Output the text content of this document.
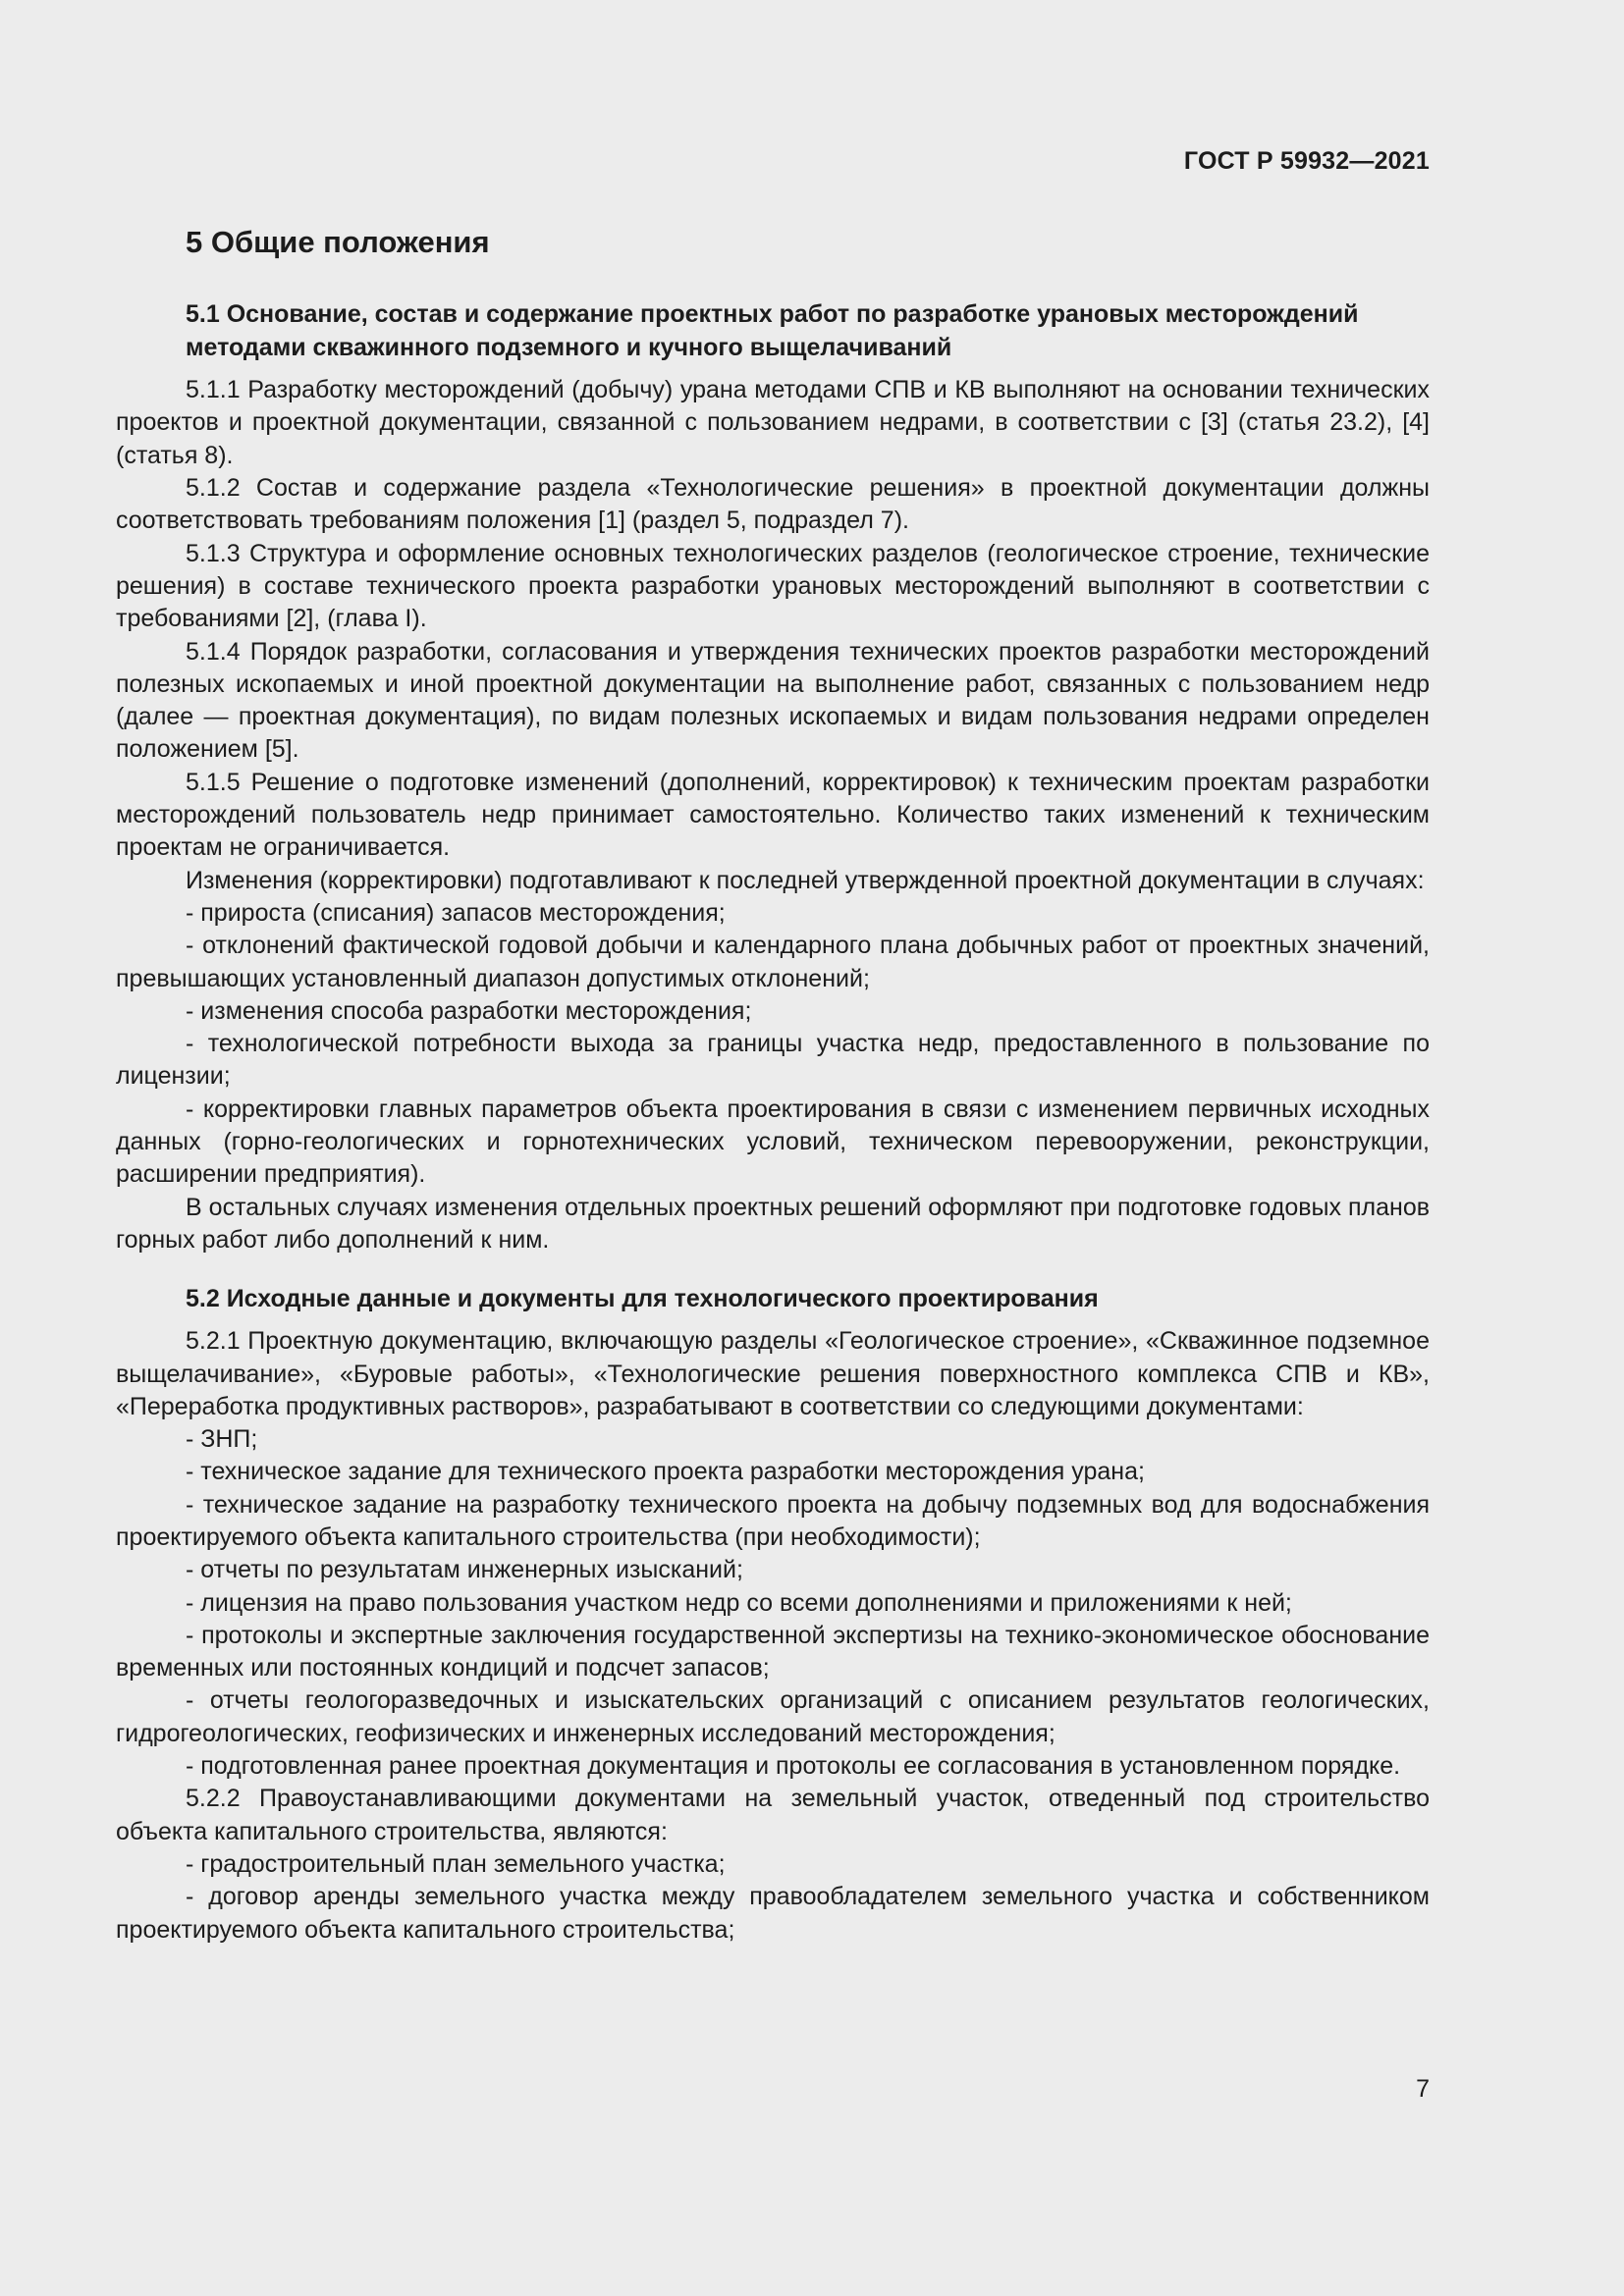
ГОСТ Р 59932—2021
5 Общие положения
5.1 Основание, состав и содержание проектных работ по разработке урановых месторождений методами скважинного подземного и кучного выщелачиваний

5.1.1 Разработку месторождений (добычу) урана методами СПВ и КВ выполняют на основании технических проектов и проектной документации, связанной с пользованием недрами, в соответствии с [3] (статья 23.2), [4] (статья 8).

5.1.2 Состав и содержание раздела «Технологические решения» в проектной документации должны соответствовать требованиям положения [1] (раздел 5, подраздел 7).

5.1.3 Структура и оформление основных технологических разделов (геологическое строение, технические решения) в составе технического проекта разработки урановых месторождений выполняют в соответствии с требованиями [2], (глава I).

5.1.4 Порядок разработки, согласования и утверждения технических проектов разработки месторождений полезных ископаемых и иной проектной документации на выполнение работ, связанных с пользованием недр (далее — проектная документация), по видам полезных ископаемых и видам пользования недрами определен положением [5].

5.1.5 Решение о подготовке изменений (дополнений, корректировок) к техническим проектам разработки месторождений пользователь недр принимает самостоятельно. Количество таких изменений к техническим проектам не ограничивается.

Изменения (корректировки) подготавливают к последней утвержденной проектной документации в случаях:

- прироста (списания) запасов месторождения;

- отклонений фактической годовой добычи и календарного плана добычных работ от проектных значений, превышающих установленный диапазон допустимых отклонений;

- изменения способа разработки месторождения;

- технологической потребности выхода за границы участка недр, предоставленного в пользование по лицензии;

- корректировки главных параметров объекта проектирования в связи с изменением первичных исходных данных (горно-геологических и горнотехнических условий, техническом перевооружении, реконструкции, расширении предприятия).

В остальных случаях изменения отдельных проектных решений оформляют при подготовке годовых планов горных работ либо дополнений к ним.

5.2 Исходные данные и документы для технологического проектирования

5.2.1 Проектную документацию, включающую разделы «Геологическое строение», «Скважинное подземное выщелачивание», «Буровые работы», «Технологические решения поверхностного комплекса СПВ и КВ», «Переработка продуктивных растворов», разрабатывают в соответствии со следующими документами:

- ЗНП;

- техническое задание для технического проекта разработки месторождения урана;

- техническое задание на разработку технического проекта на добычу подземных вод для водоснабжения проектируемого объекта капитального строительства (при необходимости);

- отчеты по результатам инженерных изысканий;

- лицензия на право пользования участком недр со всеми дополнениями и приложениями к ней;

- протоколы и экспертные заключения государственной экспертизы на технико-экономическое обоснование временных или постоянных кондиций и подсчет запасов;

- отчеты геологоразведочных и изыскательских организаций с описанием результатов геологических, гидрогеологических, геофизических и инженерных исследований месторождения;

- подготовленная ранее проектная документация и протоколы ее согласования в установленном порядке.

5.2.2 Правоустанавливающими документами на земельный участок, отведенный под строительство объекта капитального строительства, являются:

- градостроительный план земельного участка;

- договор аренды земельного участка между правообладателем земельного участка и собственником проектируемого объекта капитального строительства;

7
